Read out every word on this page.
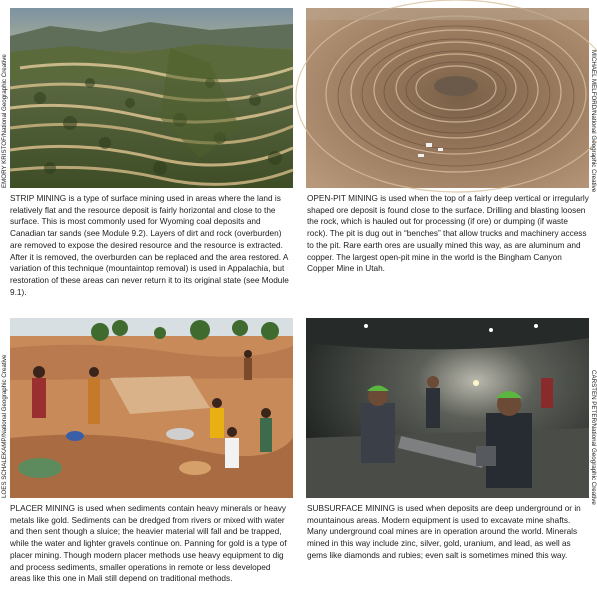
EMORY KRISTOF/National Geographic Creative

STRIP MINING is a type of surface mining used in areas where the land is relatively flat and the resource deposit is fairly horizontal and close to the surface. This is most commonly used for Wyoming coal deposits and Canadian tar sands (see Module 9.2). Layers of dirt and rock (overburden) are removed to expose the desired resource and the resource is extracted. After it is removed, the overburden can be replaced and the area restored. A variation of this technique (mountaintop removal) is used in Appalachia, but restoration of these areas can never return it to its original state (see Module 9.1).

MICHAEL MELFORD/National Geographic Creative

OPEN-PIT MINING is used when the top of a fairly deep vertical or irregularly shaped ore deposit is found close to the surface. Drilling and blasting loosen the rock, which is hauled out for processing (if ore) or dumping (if waste rock). The pit is dug out in “benches” that allow trucks and machinery access to the pit. Rare earth ores are usually mined this way, as are aluminum and copper. The largest open-pit mine in the world is the Bingham Canyon Copper Mine in Utah.

LOES SCHALEKAMP/National Geographic Creative

PLACER MINING is used when sediments contain heavy minerals or heavy metals like gold. Sediments can be dredged from rivers or mixed with water and then sent though a sluice; the heavier material will fall and be trapped, while the water and lighter gravels continue on. Panning for gold is a type of placer mining. Though modern placer methods use heavy equipment to dig and process sediments, smaller operations in remote or less developed areas like this one in Mali still depend on traditional methods.

CARSTEN PETER/National Geographic Creative

SUBSURFACE MINING is used when deposits are deep underground or in mountainous areas. Modern equipment is used to excavate mine shafts. Many underground coal mines are in operation around the world. Minerals mined in this way include zinc, silver, gold, uranium, and lead, as well as gems like diamonds and rubies; even salt is sometimes mined this way.
